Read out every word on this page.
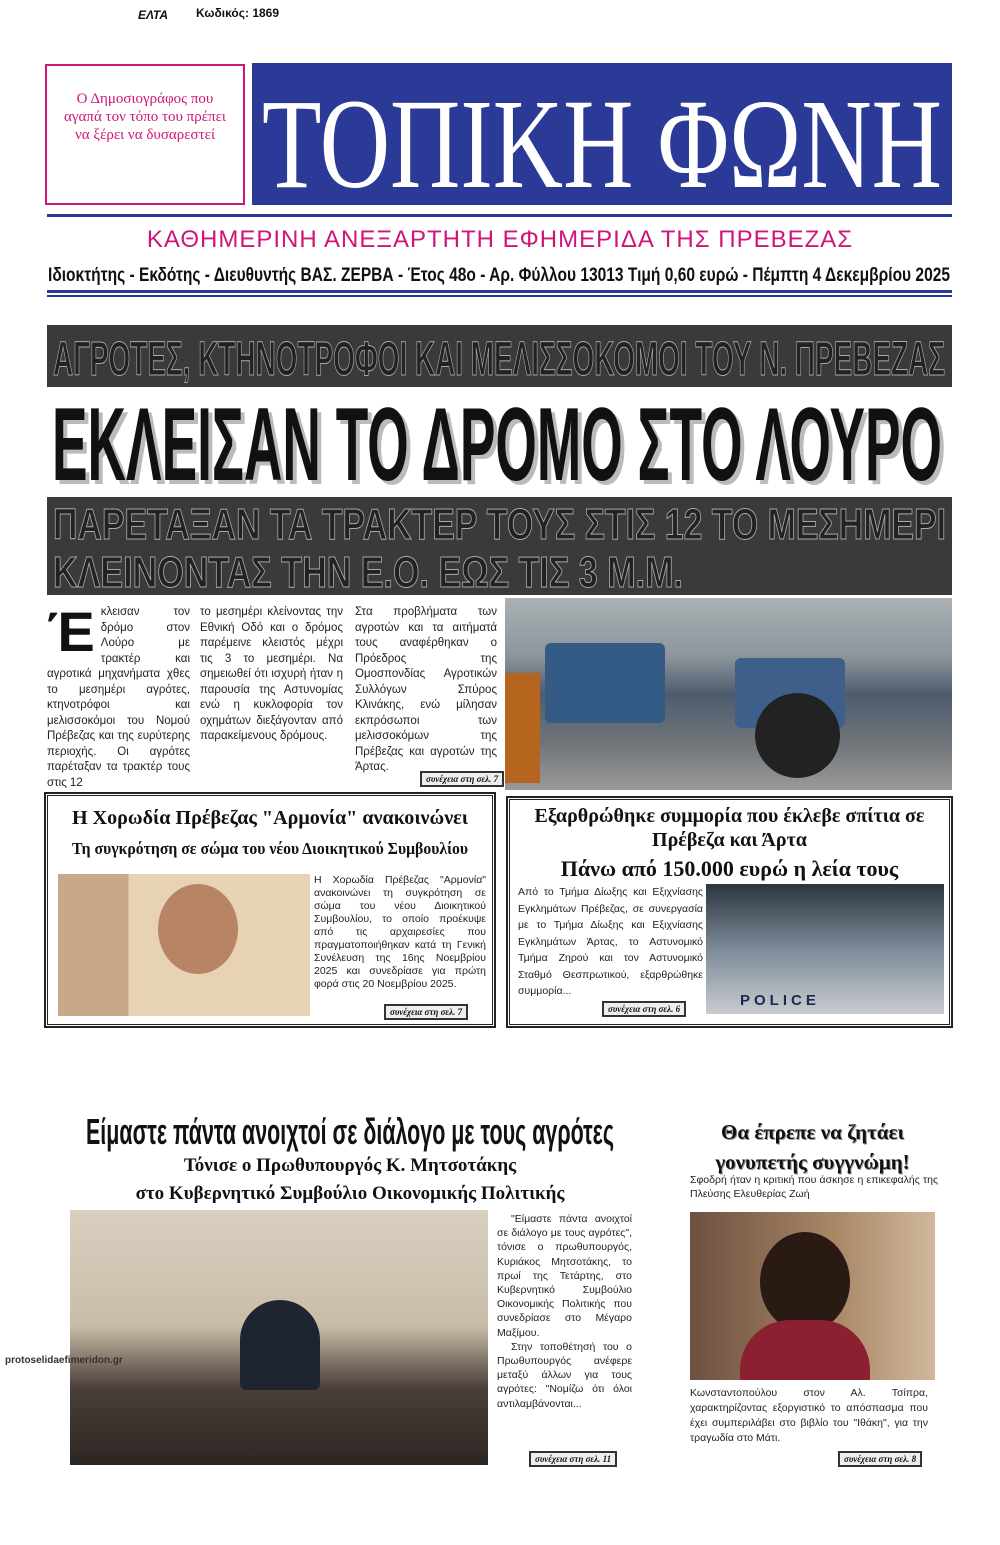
ΕΛΤΑ	Κωδικός: 1869
Ο Δημοσιογράφος που αγαπά τον τόπο του πρέπει να ξέρει να δυσαρεστεί ΤΟΠΙΚΗ ΦΩΝΗ
ΚΑΘΗΜΕΡΙΝΗ ΑΝΕΞΑΡΤΗΤΗ ΕΦΗΜΕΡΙΔΑ ΤΗΣ ΠΡΕΒΕΖΑΣ
Ιδιοκτήτης - Εκδότης - Διευθυντής ΒΑΣ. ΖΕΡΒΑ - Έτος 48ο - Αρ. Φύλλου 13013 Τιμή 0,60 ευρώ - Πέμπτη 4 Δεκεμβρίου 2025
ΑΓΡΟΤΕΣ, ΚΤΗΝΟΤΡΟΦΟΙ ΚΑΙ ΜΕΛΙΣΣΟΚΟΜΟΙ ΤΟΥ Ν. ΠΡΕΒΕΖΑΣ
ΕΚΛΕΙΣΑΝ ΤΟ ΔΡΟΜΟ ΣΤΟ ΛΟΥΡΟ
ΠΑΡΕΤΑΞΑΝ ΤΑ ΤΡΑΚΤΕΡ ΤΟΥΣ ΣΤΙΣ 12 ΤΟ ΜΕΣΗΜΕΡΙ
ΚΛΕΙΝΟΝΤΑΣ ΤΗΝ Ε.Ο. ΕΩΣ ΤΙΣ 3 Μ.Μ.
Έ κλεισαν τον δρόμο στον Λούρο με τρακτέρ και αγροτικά μηχανήματα χθες το μεσημέρι αγρότες, κτηνοτρόφοι και μελισσοκόμοι του Νομού Πρέβεζας και της ευρύτερης περιοχής. Οι αγρότες παρέταξαν τα τρακτέρ τους στις 12
το μεσημέρι κλείνοντας την Εθνική Οδό και ο δρόμος παρέμεινε κλειστός μέχρι τις 3 το μεσημέρι. Να σημειωθεί ότι ισχυρή ήταν η παρουσία της Αστυνομίας ενώ η κυκλοφορία τον οχημάτων διεξάγονταν από παρακείμενους δρόμους.
Στα προβλήματα των αγροτών και τα αιτήματά τους αναφέρθηκαν ο Πρόεδρος της Ομοσπονδίας Αγροτικών Συλλόγων Σπύρος Κλινάκης, ενώ μίλησαν εκπρόσωποι των μελισσοκόμων της Πρέβεζας και αγροτών της Άρτας.
συνέχεια στη σελ. 7
Η Χορωδία Πρέβεζας "Αρμονία" ανακοινώνει
Τη συγκρότηση σε σώμα του νέου Διοικητικού Συμβουλίου
Η Χορωδία Πρέβεζας "Αρμονία" ανακοινώνει τη συγκρότηση σε σώμα του νέου Διοικητικού Συμβουλίου, το οποίο προέκυψε από τις αρχαιρεσίες που πραγματοποιήθηκαν κατά τη Γενική Συνέλευση της 16ης Νοεμβρίου 2025 και συνεδρίασε για πρώτη φορά στις 20 Νοεμβρίου 2025.
συνέχεια στη σελ. 7
Εξαρθρώθηκε συμμορία που έκλεβε σπίτια σε Πρέβεζα και Άρτα
Πάνω από 150.000 ευρώ η λεία τους
Από το Τμήμα Δίωξης και Εξιχνίασης Εγκλημάτων Πρέβεζας, σε συνεργασία με το Τμήμα Δίωξης και Εξιχνίασης Εγκλημάτων Άρτας, το Αστυνομικό Τμήμα Ζηρού και τον Αστυνομικό Σταθμό Θεσπρωτικού, εξαρθρώθηκε συμμορία...
POLICE
συνέχεια στη σελ. 6
Είμαστε πάντα ανοιχτοί σε διάλογο με τους αγρότες
Τόνισε ο Πρωθυπουργός Κ. Μητσοτάκης
στο Κυβερνητικό Συμβούλιο Οικονομικής Πολιτικής

"Είμαστε πάντα ανοιχτοί σε διάλογο με τους αγρότες", τόνισε ο πρωθυπουργός, Κυριάκος Μητσοτάκης, το πρωί της Τετάρτης, στο Κυβερνητικό Συμβούλιο Οικονομικής Πολιτικής που συνεδρίασε στο Μέγαρο Μαξίμου.

Στην τοποθέτησή του ο Πρωθυπουργός ανέφερε μεταξύ άλλων για τους αγρότες: "Νομίζω ότι όλοι αντιλαμβάνονται...

συνέχεια στη σελ. 11
Θα έπρεπε να ζητάει γονυπετής συγγνώμη!
Σφοδρή ήταν η κριτική που άσκησε η επικεφαλής της Πλεύσης Ελευθερίας Ζωή
Κωνσταντοπούλου στον Αλ. Τσίπρα, χαρακτηρίζοντας εξοργιστικό το απόσπασμα που έχει συμπεριλάβει στο βιβλίο του "Ιθάκη", για την τραγωδία στο Μάτι.
συνέχεια στη σελ. 8
protoselidaefimeridon.gr
